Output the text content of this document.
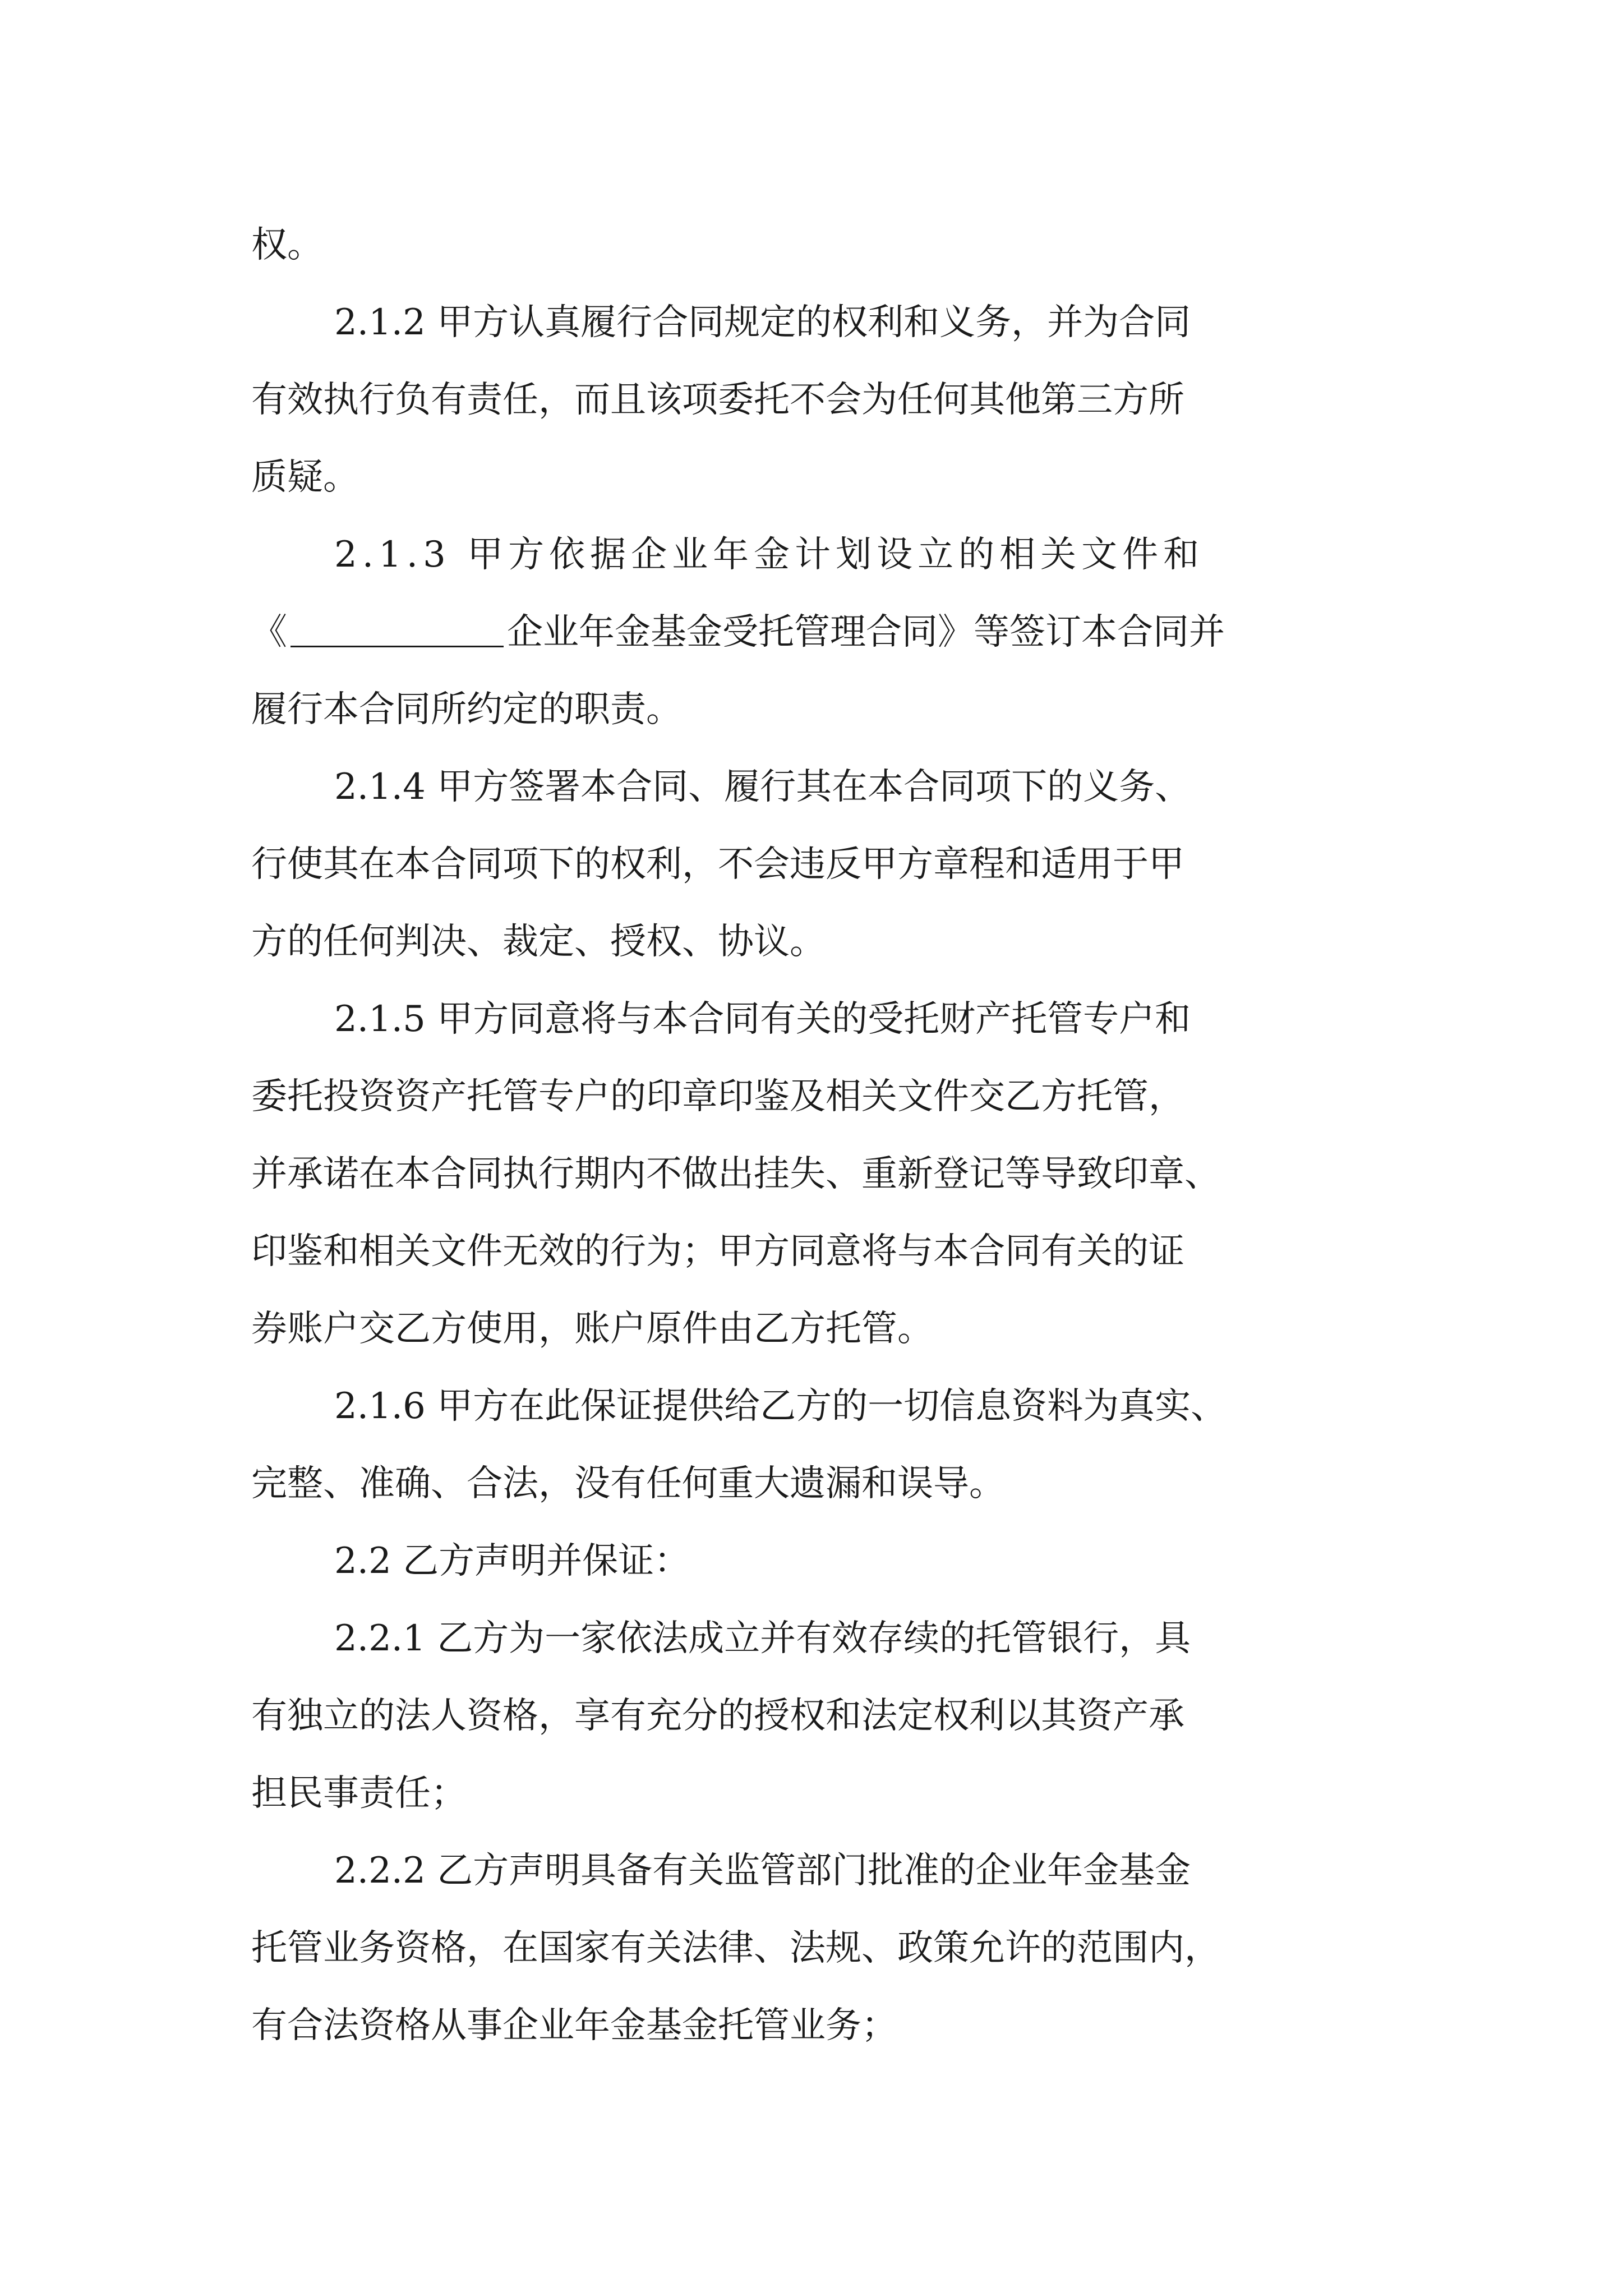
权。
2.1.2 甲方认真履行合同规定的权利和义务，并为合同
有效执行负有责任，而且该项委托不会为任何其他第三方所
质疑。
2.1.3 甲方依据企业年金计划设立的相关文件和
《	企业年金基金受托管理合同》等签订本合同并
履行本合同所约定的职责。
2.1.4 甲方签署本合同、履行其在本合同项下的义务、
行使其在本合同项下的权利，不会违反甲方章程和适用于甲
方的任何判决、裁定、授权、协议。
2.1.5 甲方同意将与本合同有关的受托财产托管专户和
委托投资资产托管专户的印章印鉴及相关文件交乙方托管，
并承诺在本合同执行期内不做出挂失、重新登记等导致印章、
印鉴和相关文件无效的行为；甲方同意将与本合同有关的证
券账户交乙方使用，账户原件由乙方托管。
2.1.6 甲方在此保证提供给乙方的一切信息资料为真实、
完整、准确、合法，没有任何重大遗漏和误导。
2.2 乙方声明并保证：
2.2.1 乙方为一家依法成立并有效存续的托管银行，具
有独立的法人资格，享有充分的授权和法定权利以其资产承
担民事责任；
2.2.2 乙方声明具备有关监管部门批准的企业年金基金
托管业务资格，在国家有关法律、法规、政策允许的范围内，
有合法资格从事企业年金基金托管业务；
